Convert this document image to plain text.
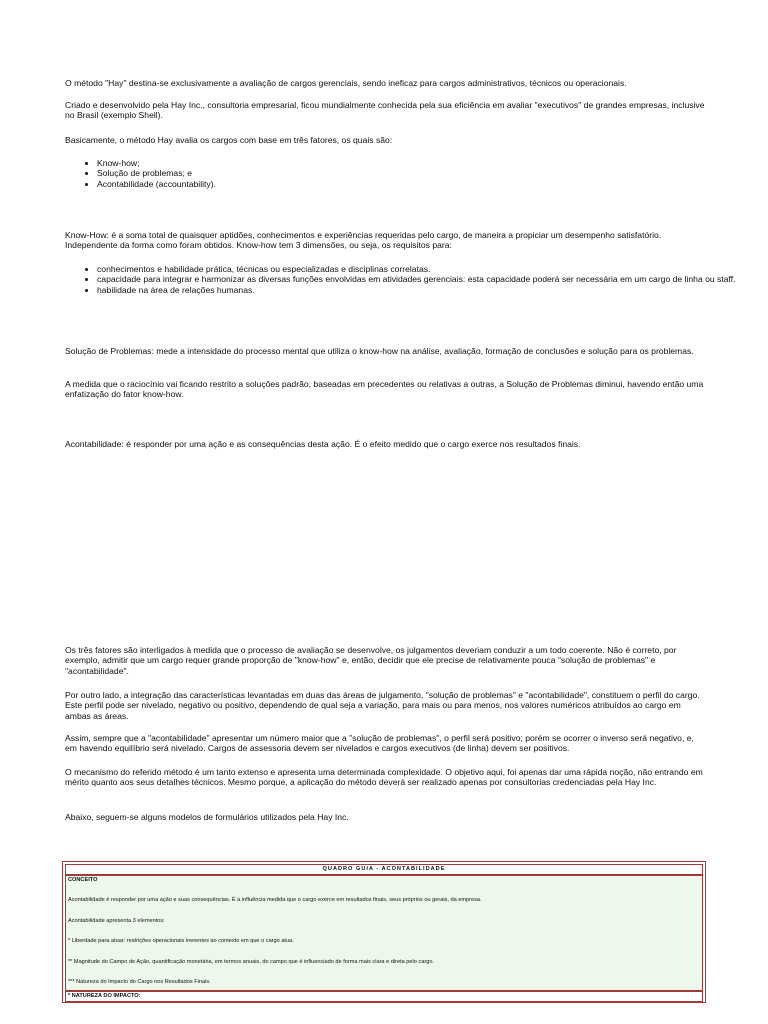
O método "Hay" destina-se exclusivamente a avaliação de cargos gerenciais, sendo ineficaz para cargos administrativos, técnicos ou operacionais.

Criado e desenvolvido pela Hay Inc., consultoria empresarial, ficou mundialmente conhecida pela sua eficiência em avaliar "executivos" de grandes empresas, inclusive no Brasil (exemplo Shell).

Basicamente, o método Hay avalia os cargos com base em três fatores, os quais são:

• Know-how;
• Solução de problemas; e
• Acontabilidade (accountability).

Know-How: é a soma total de quaisquer aptidões, conhecimentos e experiências requeridas pelo cargo, de maneira a propiciar um desempenho satisfatório. Independente da forma como foram obtidos. Know-how tem 3 dimensões, ou seja, os requisitos para:

• conhecimentos e habilidade prática, técnicas ou especializadas e disciplinas correlatas.
• capacidade para integrar e harmonizar as diversas funções envolvidas em atividades gerenciais: esta capacidade poderá ser necessária em um cargo de linha ou staff.
• habilidade na área de relações humanas.

Solução de Problemas: mede a intensidade do processo mental que utiliza o know-how na análise, avaliação, formação de conclusões e solução para os problemas.

A medida que o raciocínio vai ficando restrito a soluções padrão, baseadas em precedentes ou relativas a outras, a Solução de Problemas diminui, havendo então uma enfatização do fator know-how.

Acontabilidade: é responder por uma ação e as consequências desta ação. É o efeito medido que o cargo exerce nos resultados finais.

Os três fatores são interligados à medida que o processo de avaliação se desenvolve, os julgamentos deveriam conduzir a um todo coerente. Não é correto, por exemplo, admitir que um cargo requer grande proporção de "know-how" e, então, decidir que ele precise de relativamente pouca "solução de problemas" e "acontabilidade".

Por outro lado, a integração das características levantadas em duas das áreas de julgamento, "solução de problemas" e "acontabilidade", constituem o perfil do cargo. Este perfil pode ser nivelado, negativo ou positivo, dependendo de qual seja a variação, para mais ou para menos, nos valores numéricos atribuídos ao cargo em ambas as áreas.

Assim, sempre que a "acontabilidade" apresentar um número maior que a "solução de problemas", o perfil será positivo; porém se ocorrer o inverso será negativo, e, em havendo equilíbrio será nivelado. Cargos de assessoria devem ser nivelados e cargos executivos (de linha) devem ser positivos.

O mecanismo do referido método é um tanto extenso e apresenta uma determinada complexidade. O objetivo aqui, foi apenas dar uma rápida noção, não entrando em mérito quanto aos seus detalhes técnicos. Mesmo porque, a aplicação do método deverá ser realizado apenas por consultorias credenciadas pela Hay Inc.

Abaixo, seguem-se alguns modelos de formulários utilizados pela Hay Inc.

QUADRO GUIA - ACONTABILIDADE
CONCEITO
Acontabilidade é responder por uma ação e suas consequências. É a influência medida que o cargo exerce em resultados finais, seus próprios ou gerais, da empresa.
Acontabilidade apresenta 3 elementos:
* Liberdade para atuar: restrições operacionais inerentes ao contexto em que o cargo atua.
** Magnitude do Campo de Ação, quantificação monetária, em termos anuais, do campo que é influenciado de forma mais clara e direta pelo cargo.
*** Natureza do Impacto do Cargo nos Resultados Finais.
* NATUREZA DO IMPACTO:
